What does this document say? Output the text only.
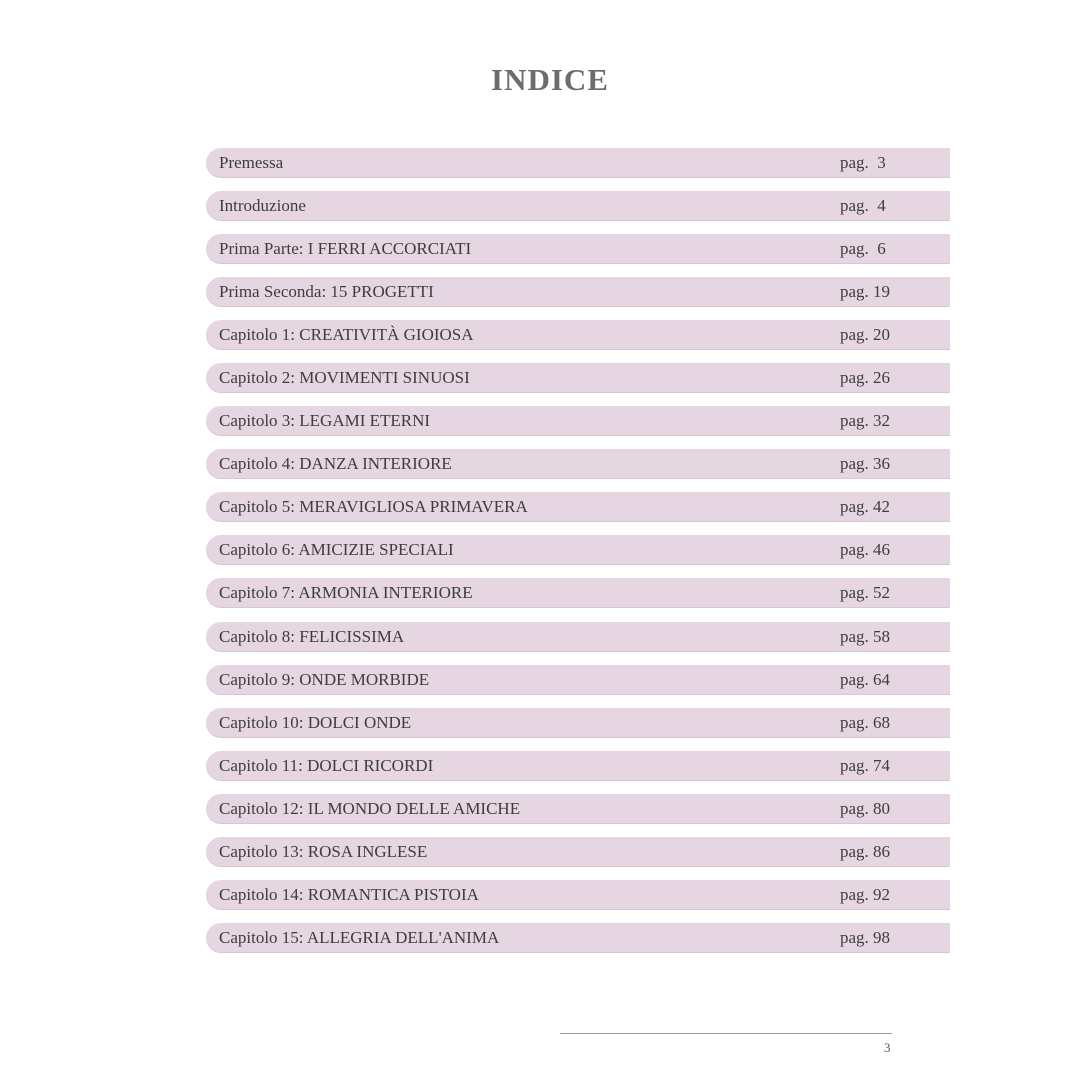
INDICE
Premessa	pag.  3
Introduzione	pag.  4
Prima Parte: I FERRI ACCORCIATI	pag.  6
Prima Seconda: 15 PROGETTI	pag. 19
Capitolo 1: CREATIVITÀ GIOIOSA	pag. 20
Capitolo 2: MOVIMENTI SINUOSI	pag. 26
Capitolo 3: LEGAMI ETERNI	pag. 32
Capitolo 4: DANZA INTERIORE	pag. 36
Capitolo 5: MERAVIGLIOSA PRIMAVERA	pag. 42
Capitolo 6: AMICIZIE SPECIALI	pag. 46
Capitolo 7: ARMONIA INTERIORE	pag. 52
Capitolo 8: FELICISSIMA	pag. 58
Capitolo 9: ONDE MORBIDE	pag. 64
Capitolo 10: DOLCI ONDE	pag. 68
Capitolo 11: DOLCI RICORDI	pag. 74
Capitolo 12: IL MONDO DELLE AMICHE	pag. 80
Capitolo 13: ROSA INGLESE	pag. 86
Capitolo 14: ROMANTICA PISTOIA	pag. 92
Capitolo 15: ALLEGRIA DELL'ANIMA	pag. 98
3
